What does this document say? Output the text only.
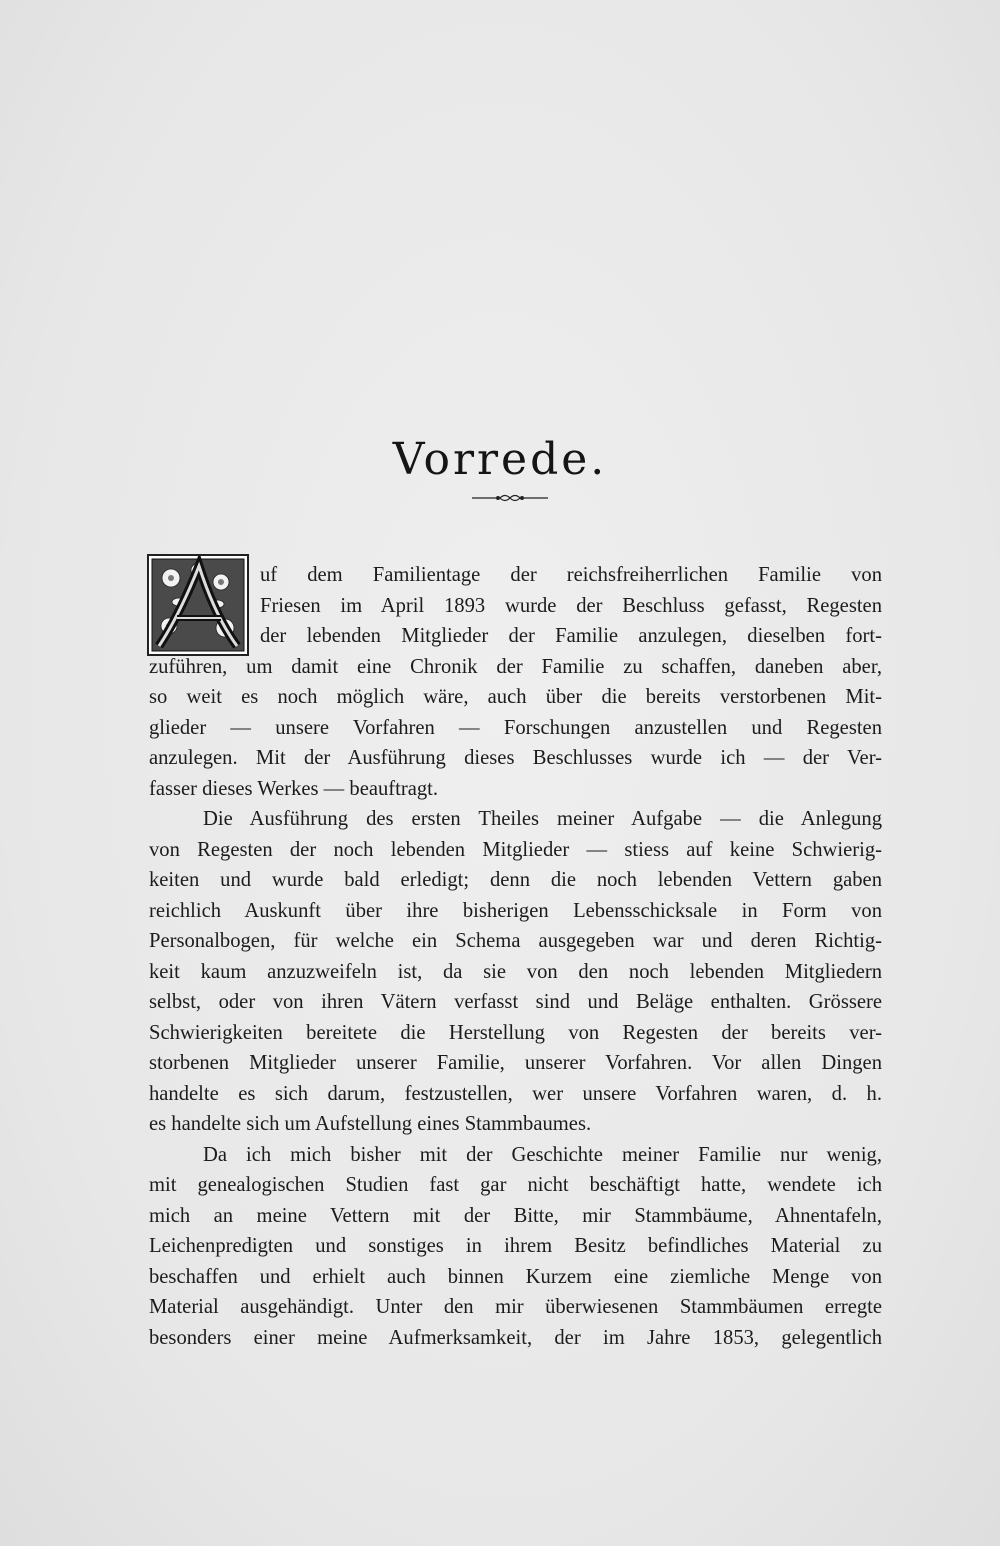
Vorrede.

uf dem Familientage der reichsfreiherrlichen Familie von
Friesen im April 1893 wurde der Beschluss gefasst, Regesten
der lebenden Mitglieder der Familie anzulegen, dieselben fort-
zuführen, um damit eine Chronik der Familie zu schaffen, daneben aber,
so weit es noch möglich wäre, auch über die bereits verstorbenen Mit-
glieder — unsere Vorfahren — Forschungen anzustellen und Regesten
anzulegen. Mit der Ausführung dieses Beschlusses wurde ich — der Ver-
fasser dieses Werkes — beauftragt.

Die Ausführung des ersten Theiles meiner Aufgabe — die Anlegung
von Regesten der noch lebenden Mitglieder — stiess auf keine Schwierig-
keiten und wurde bald erledigt; denn die noch lebenden Vettern gaben
reichlich Auskunft über ihre bisherigen Lebensschicksale in Form von
Personalbogen, für welche ein Schema ausgegeben war und deren Richtig-
keit kaum anzuzweifeln ist, da sie von den noch lebenden Mitgliedern
selbst, oder von ihren Vätern verfasst sind und Beläge enthalten. Grössere
Schwierigkeiten bereitete die Herstellung von Regesten der bereits ver-
storbenen Mitglieder unserer Familie, unserer Vorfahren. Vor allen Dingen
handelte es sich darum, festzustellen, wer unsere Vorfahren waren, d. h.
es handelte sich um Aufstellung eines Stammbaumes.

Da ich mich bisher mit der Geschichte meiner Familie nur wenig,
mit genealogischen Studien fast gar nicht beschäftigt hatte, wendete ich
mich an meine Vettern mit der Bitte, mir Stammbäume, Ahnentafeln,
Leichenpredigten und sonstiges in ihrem Besitz befindliches Material zu
beschaffen und erhielt auch binnen Kurzem eine ziemliche Menge von
Material ausgehändigt. Unter den mir überwiesenen Stammbäumen erregte
besonders einer meine Aufmerksamkeit, der im Jahre 1853, gelegentlich
